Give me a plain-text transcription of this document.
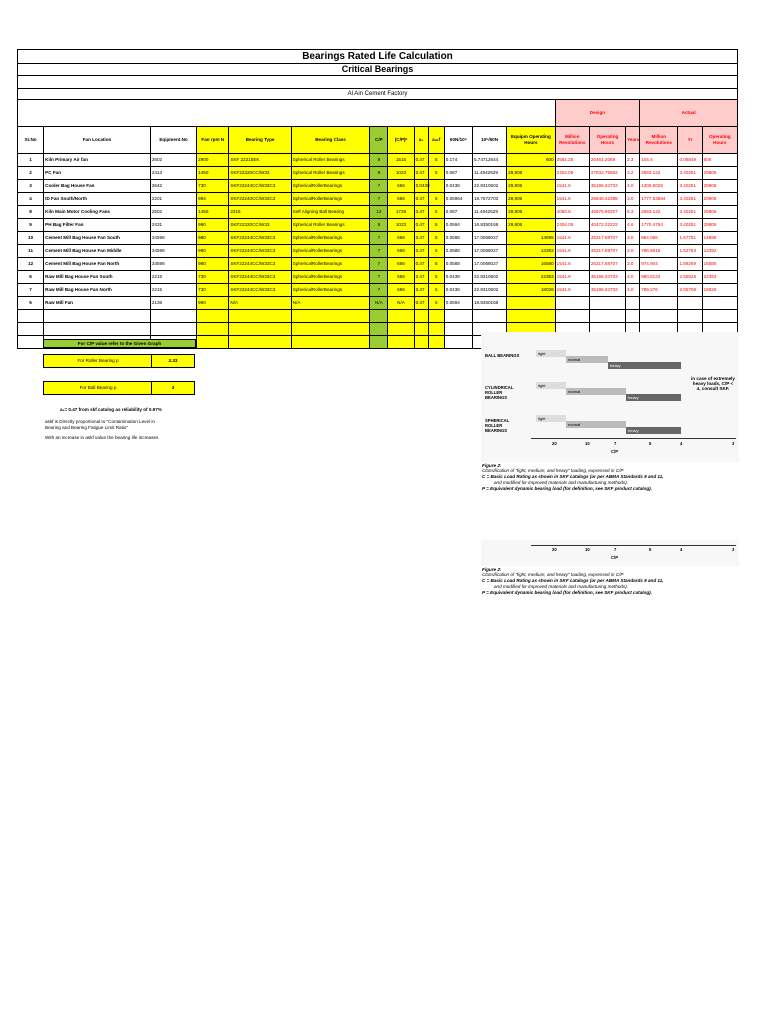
Bearings Rated Life Calculation
Critical Bearings
Al Ain Cement Factory
													Design			Actual		
Sr.No	Fan Location	Eqipment.No	Fan rpm N	Bearing Type	Bearing Class	C/P	(C/P)ᵖ	a₁	aₛₖf	60N/10⁶	10⁶/60N	Equipm Operating Hours	Million Revolutions	Operating Hours	Years	Million Revolutions	Yr	Operating Hours
1	Kiln Primary Air fan	2602	2900	SKF 22215EK	Spherical Roller Bearings	9	1515	0.47	5	0.174	5.74712644	600	3561.25	20461.2069	2.3	104.4	0.06849	600
2	PC Fan	2413	1450	SKF22320CC/W33	Spherical Roller Bearings	8	1023	0.47	5	0.087	11.4942529	29,806	2404.05	27632.75862	3.2	2593.122	3.40251	29806
3	Cooler Bag House Fan	2642	730	SKF22244CC/W33C3	SphericalRollerBearings	7	656	0.0438		0.0438	22.8310502	29,806	1541.6	35196.34703	4.0	1305.5028	3.40251	29806
4	ID Fan South/North	2201	994	SKF22240CC/W33C3	SphericalRollerBearings	7	656	0.47	5	0.05964	16.7672703	29,806	1541.6	25848.42388	3.0	1777.63584	3.40251	29806
8	Kiln Main Motor Cooling Fans	2502	1450	2316	Self Aligning Ball Bearing	12	1728	0.47	5	0.087	11.4942529	29,806	4060.8	46675.86207	5.3	2593.122	3.40251	29806
9	PH Bag Filter Fan	2431	990	SKF22320CC/W33	Spherical Roller Bearings	8	1023	0.47	5	0.0594	16.8350168	29,806	2404.05	40472.22222	4.6	1770.4764	3.40251	29806
10	Cement Mill Bag House Fan South	34598	980	SKF22244CC/W33C3	SphericalRollerBearings	7	656	0.47	5	0.0588	17.0068027	14695	1541.6	26217.68707	3.0	864.066	1.67751	14695
11	Cement Mill Bag House Fan Middle	34598	980	SKF22244CC/W33C3	SphericalRollerBearings	7	656	0.47	5	0.0588	17.0068027	13392	1541.6	26217.68707	3.0	786.8616	1.52763	13392
12	Cement Mill Bag House Fan North	34598	980	SKF22244CC/W33C3	SphericalRollerBearings	7	656	0.47	5	0.0588	17.0068027	16580	1541.6	26217.68707	3.0	974.904	1.89269	16580
6	Raw Mill Bag House Fan South	2215	730	SKF22244CC/W33C3	SphericalRollerBearings	7	656	0.47	5	0.0438	22.8310502	22393	1541.6	35196.34703	4.0	980.8134	2.55628	22393
7	Raw Mill Bag House Fan North	2215	730	SKF22244CC/W33C3	SphericalRollerBearings	7	656	0.47	5	0.0438	22.8310502	18026	1541.6	35196.34703	4.0	789.276	2.05708	18026
5	Raw Mill Fan	2136	990	N/A	N/A	N/A	N/A	0.47	5	0.0594	16.8350168							

For C/P value refer to the Given Graph
For Roller Bearing p	3.33
For Ball Bearing p	3
a₁= 0.47 from skf catalog as reliability of 0.97%
askf is Directly proportional to "Contamination Level in
Bearing and Bearing Fatigue Limit Ratio"
With an increase in askf value the bearing life increases
BALL BEARINGS
CYLINDRICAL ROLLER BEARINGS
SPHERICAL ROLLER BEARINGS
light
normal
heavy
light
normal
heavy
light
normal
heavy
in case of extremely heavy loads, C/P < 4, consult SKF.
20	10	7	5	4	3
C/P
Figure 2:
Classification of "light, medium, and heavy" loading, expressed in C/P
C = Basic Load Rating as shown in SKF catalogs (or per ABMA Standards 9 and 11,
and modified for improved materials and manufacturing methods).
P = Equivalent dynamic bearing load (for definition, see SKF product catalog).
20	10	7	5	4	3
C/P
Figure 2:
Classification of "light, medium, and heavy" loading, expressed in C/P
C = Basic Load Rating as shown in SKF catalogs (or per ABMA Standards 9 and 11,
and modified for improved materials and manufacturing methods).
P = Equivalent dynamic bearing load (for definition, see SKF product catalog).
